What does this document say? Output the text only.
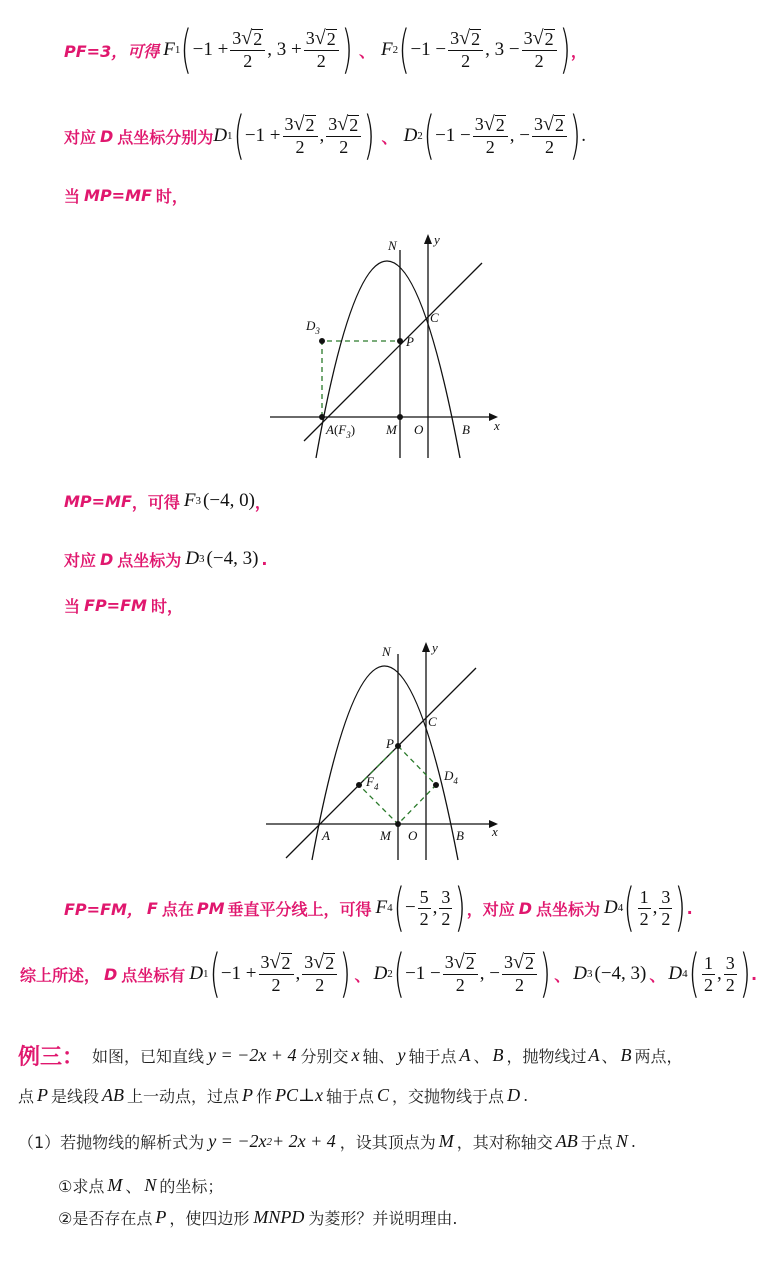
PF=3，可得 F 1 ( $-1 + \frac{3 √ 2}{2}$ , $3 + \frac{3 √ 2}{2}$ ) 、 F 2 ( $-1 - \frac{3 √ 2}{2}$ , $3 - \frac{3 √ 2}{2}$ ) ，
对应 D 点坐标分别为 D 1 ( $-1 + \frac{3 √ 2}{2}$ , $\frac{3 √ 2}{2}$ ) 、 D 2 ( $-1 - \frac{3 √ 2}{2}$ , − $\frac{3 √ 2}{2}$ ) .
当 MP=MF 时，
N	y
C
$D_3$
P
$A(F_3)$ M O	B x
MP=MF ，可得 F 3 (−4, 0) ，
对应 D 点坐标为 D 3 (−4, 3) .
当 FP=FM 时，
N	y
C
P
$D_4$
$F_4$
A	M O	B x
FP=FM， F 点在 PM 垂直平分线上，可得 F 4 ( − $\frac{5}{2}$ , $\frac{3}{2}$ ) ，对应 D 点坐标为 D 4 ( $\frac{1}{2}$ , $\frac{3}{2}$ ) .
综上所述， D 点坐标有 D 1 ( $-1 + \frac{3 √ 2}{2}$ , $\frac{3 √ 2}{2}$ ) 、 D 2 ( $-1 - \frac{3 √ 2}{2}$ , − $\frac{3 √ 2}{2}$ ) 、 D 3 (−4, 3) 、 D 4 ( $\frac{1}{2}$ , $\frac{3}{2}$ ) .
例三： 如图，已知直线 y = −2x + 4 分别交 x 轴、 y 轴于点 A 、 B ，抛物线过 A 、 B 两点，
点 P 是线段 AB 上一动点，过点 P 作 PC ⊥ x 轴于点 C ，交抛物线于点 D .
（1）若抛物线的解析式为 y = −2x 2 + 2x + 4 ，设其顶点为 M ，其对称轴交 AB 于点 N .
①求点 M 、 N 的坐标；
②是否存在点 P ，使四边形 MNPD 为菱形？并说明理由.
